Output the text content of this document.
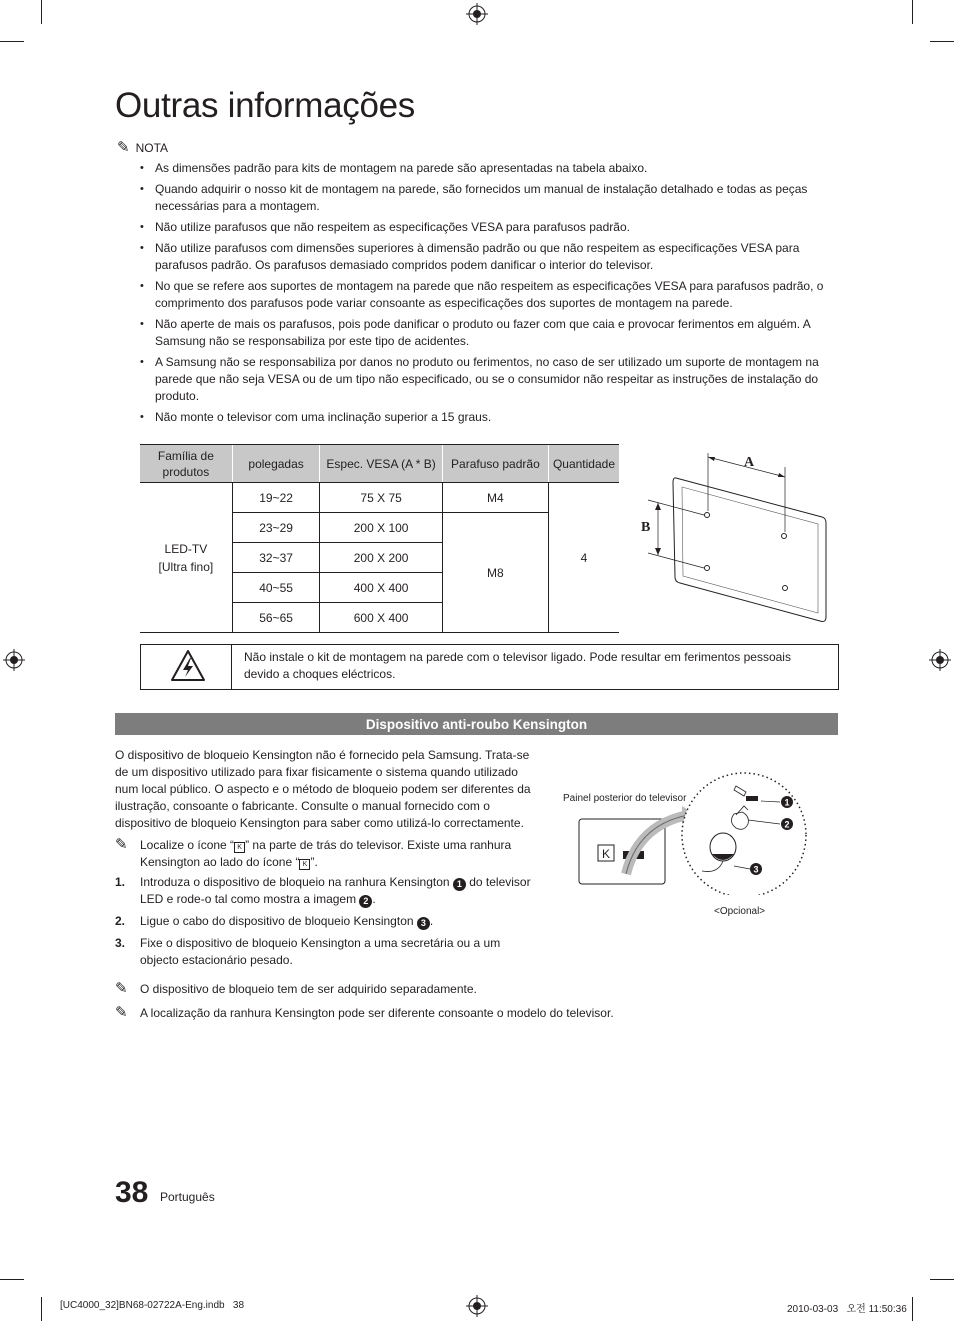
Outras informações
✎ NOTA
• As dimensões padrão para kits de montagem na parede são apresentadas na tabela abaixo.
• Quando adquirir o nosso kit de montagem na parede, são fornecidos um manual de instalação detalhado e todas as peças necessárias para a montagem.
• Não utilize parafusos que não respeitem as especificações VESA para parafusos padrão.
• Não utilize parafusos com dimensões superiores à dimensão padrão ou que não respeitem as especificações VESA para parafusos padrão. Os parafusos demasiado compridos podem danificar o interior do televisor.
• No que se refere aos suportes de montagem na parede que não respeitem as especificações VESA para parafusos padrão, o comprimento dos parafusos pode variar consoante as especificações dos suportes de montagem na parede.
• Não aperte de mais os parafusos, pois pode danificar o produto ou fazer com que caia e provocar ferimentos em alguém. A Samsung não se responsabiliza por este tipo de acidentes.
• A Samsung não se responsabiliza por danos no produto ou ferimentos, no caso de ser utilizado um suporte de montagem na parede que não seja VESA ou de um tipo não especificado, ou se o consumidor não respeitar as instruções de instalação do produto.
• Não monte o televisor com uma inclinação superior a 15 graus.
Família de produtos	polegadas	Espec. VESA (A * B)	Parafuso padrão	Quantidade
LED-TV
[Ultra fino]	19~22	75 X 75	M4	4
	23~29	200 X 100	M8	
	32~37	200 X 200		
	40~55	400 X 400		
	56~65	600 X 400		
A
B
Não instale o kit de montagem na parede com o televisor ligado. Pode resultar em ferimentos pessoais devido a choques eléctricos.
Dispositivo anti-roubo Kensington
O dispositivo de bloqueio Kensington não é fornecido pela Samsung. Trata-se de um dispositivo utilizado para fixar fisicamente o sistema quando utilizado num local público. O aspecto e o método de bloqueio podem ser diferentes da ilustração, consoante o fabricante. Consulte o manual fornecido com o dispositivo de bloqueio Kensington para saber como utilizá-lo correctamente.
✎	Localize o ícone “ K ” na parte de trás do televisor. Existe uma ranhura Kensington ao lado do ícone “ K ”.
1.	Introduza o dispositivo de bloqueio na ranhura Kensington 1 do televisor LED e rode-o tal como mostra a imagem 2 .
2.	Ligue o cabo do dispositivo de bloqueio Kensington 3 .
3.	Fixe o dispositivo de bloqueio Kensington a uma secretária ou a um objecto estacionário pesado.
✎	O dispositivo de bloqueio tem de ser adquirido separadamente.
✎	A localização da ranhura Kensington pode ser diferente consoante o modelo do televisor.
Painel posterior do televisor
K
1
2
3
<Opcional>
38 Português
[UC4000_32]BN68-02722A-Eng.indb   38	2010-03-03   오전 11:50:36
